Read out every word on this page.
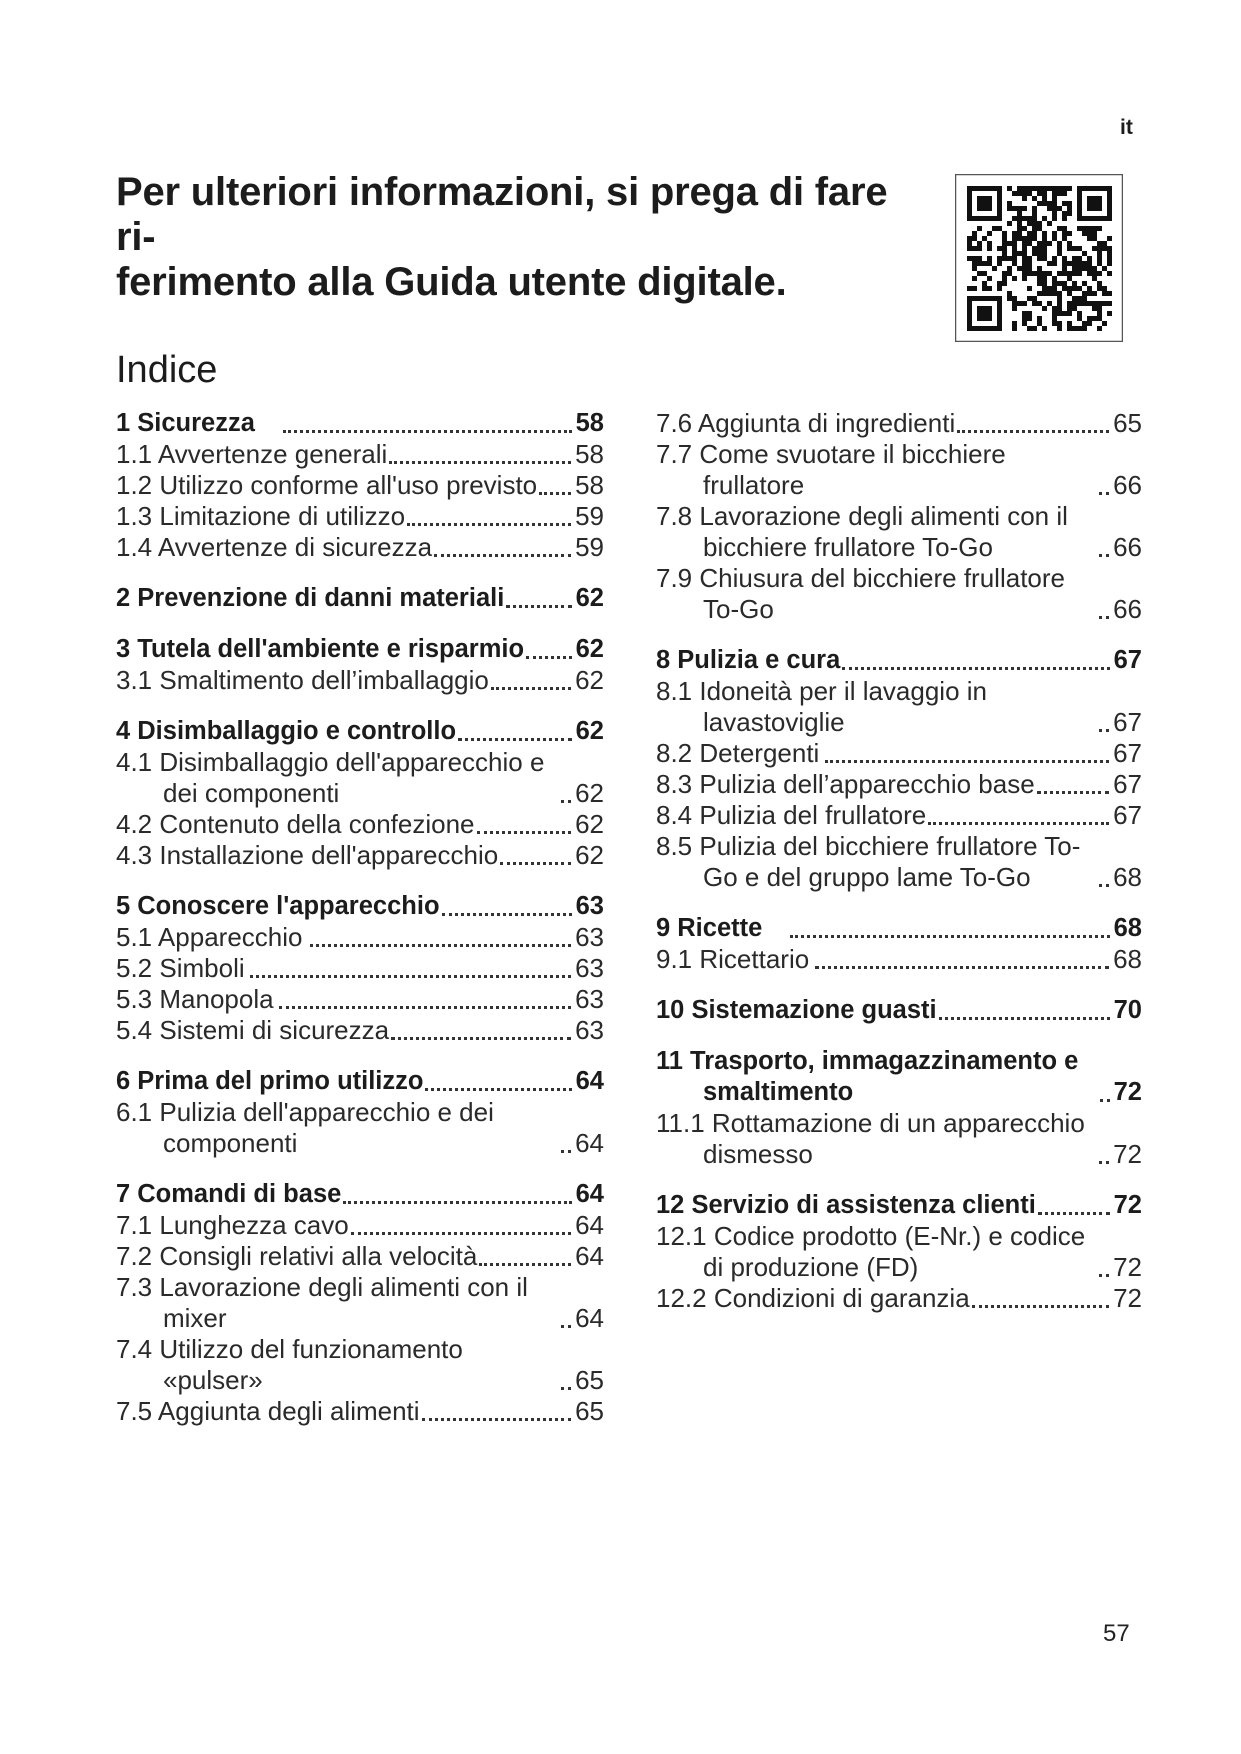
it
Per ulteriori informazioni, si prega di fare ri-
ferimento alla Guida utente digitale.
Indice
1 Sicurezza	58
1.1 Avvertenze generali	58
1.2 Utilizzo conforme all'uso previsto 58
1.3 Limitazione di utilizzo	59
1.4 Avvertenze di sicurezza	59
2 Prevenzione di danni materiali	62
3 Tutela dell'ambiente e risparmio 62
3.1 Smaltimento dell’imballaggio	62
4 Disimballaggio e controllo	62
4.1 Disimballaggio dell'apparecchio e dei componenti	62
4.2 Contenuto della confezione	62
4.3 Installazione dell'apparecchio	62
5 Conoscere l'apparecchio	63
5.1 Apparecchio	63
5.2 Simboli	63
5.3 Manopola	63
5.4 Sistemi di sicurezza	63
6 Prima del primo utilizzo	64
6.1 Pulizia dell'apparecchio e dei componenti	64
7 Comandi di base	64
7.1 Lunghezza cavo	64
7.2 Consigli relativi alla velocità	64
7.3 Lavorazione degli alimenti con il mixer	64
7.4 Utilizzo del funzionamento «pulser»	65
7.5 Aggiunta degli alimenti	65
7.6 Aggiunta di ingredienti	65
7.7 Come svuotare il bicchiere frullatore	66
7.8 Lavorazione degli alimenti con il bicchiere frullatore To-Go	66
7.9 Chiusura del bicchiere frullatore To-Go	66
8 Pulizia e cura	67
8.1 Idoneità per il lavaggio in lavastoviglie	67
8.2 Detergenti	67
8.3 Pulizia dell’apparecchio base	67
8.4 Pulizia del frullatore	67
8.5 Pulizia del bicchiere frullatore To-Go e del gruppo lame To-Go	68
9 Ricette	68
9.1 Ricettario	68
10 Sistemazione guasti	70
11 Trasporto, immagazzinamento e smaltimento	72
11.1 Rottamazione di un apparecchio dismesso	72
12 Servizio di assistenza clienti	72
12.1 Codice prodotto (E-Nr.) e codice di produzione (FD)	72
12.2 Condizioni di garanzia	72
57
